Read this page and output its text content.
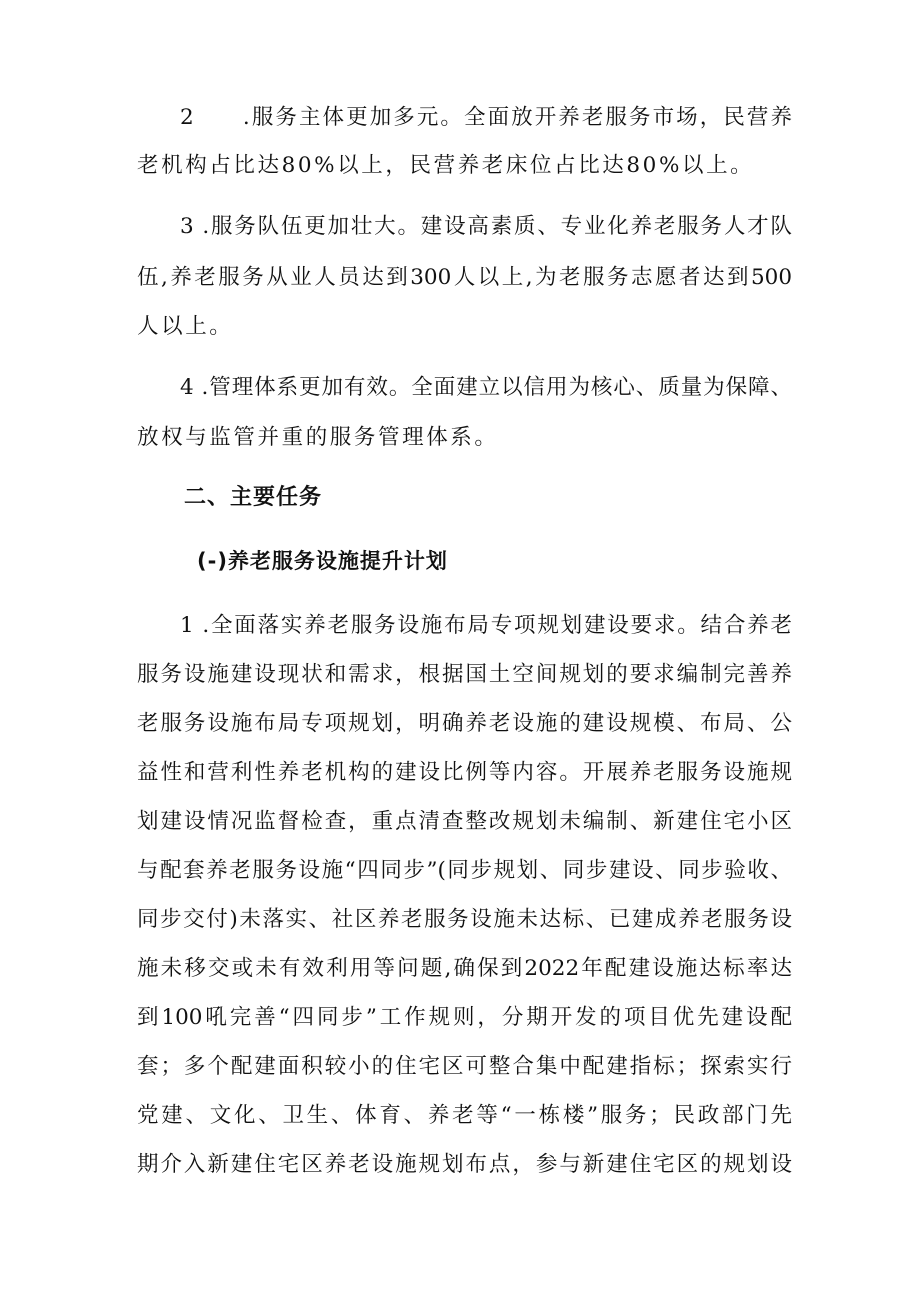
2　　.服务主体更加多元。全面放开养老服务市场，民营养
老机构占比达80%以上，民营养老床位占比达80%以上。
3 .服务队伍更加壮大。建设高素质、专业化养老服务人才队
伍,养老服务从业人员达到300人以上,为老服务志愿者达到500
人以上。
4 .管理体系更加有效。全面建立以信用为核心、质量为保障、
放权与监管并重的服务管理体系。
二、主要任务
(-)养老服务设施提升计划
1 .全面落实养老服务设施布局专项规划建设要求。结合养老
服务设施建设现状和需求，根据国土空间规划的要求编制完善养
老服务设施布局专项规划，明确养老设施的建设规模、布局、公
益性和营利性养老机构的建设比例等内容。开展养老服务设施规
划建设情况监督检查，重点清查整改规划未编制、新建住宅小区
与配套养老服务设施“四同步”(同步规划、同步建设、同步验收、
同步交付)未落实、社区养老服务设施未达标、已建成养老服务设
施未移交或未有效利用等问题,确保到2022年配建设施达标率达
到100吼完善“四同步”工作规则，分期开发的项目优先建设配
套；多个配建面积较小的住宅区可整合集中配建指标；探索实行
党建、文化、卫生、体育、养老等“一栋楼”服务；民政部门先
期介入新建住宅区养老设施规划布点，参与新建住宅区的规划设
